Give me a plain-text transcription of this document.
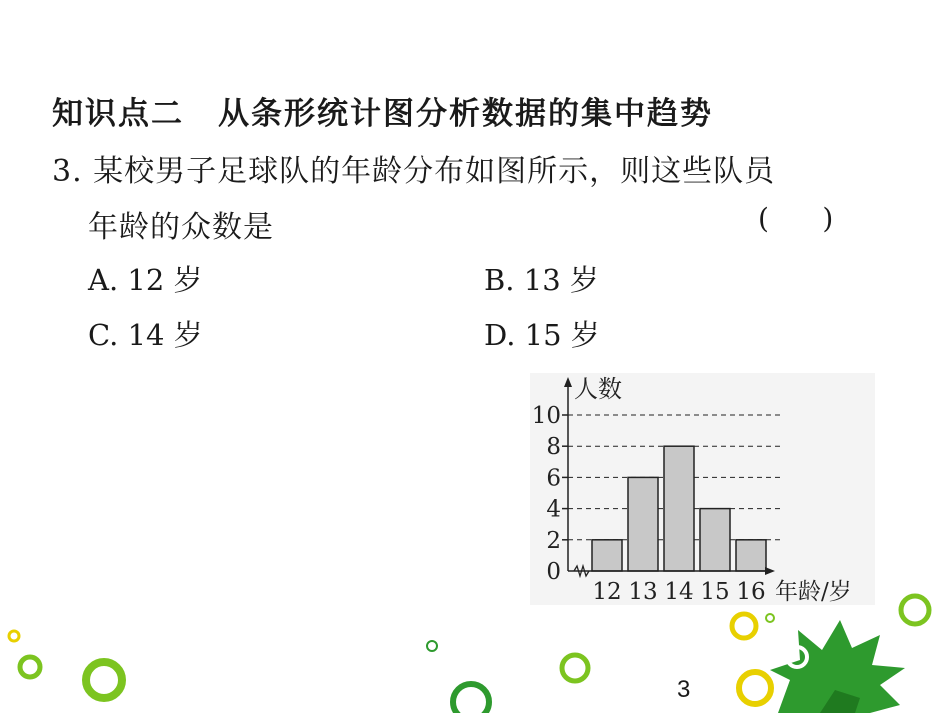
知识点二 从条形统计图分析数据的集中趋势
3. 某校男子足球队的年龄分布如图所示，则这些队员
年龄的众数是	(      )
A. 12 岁	B. 13 岁
C. 14 岁	D. 15 岁
人数
年龄/岁
0
2
4
6
8
10
12 13 14 15 16
3
